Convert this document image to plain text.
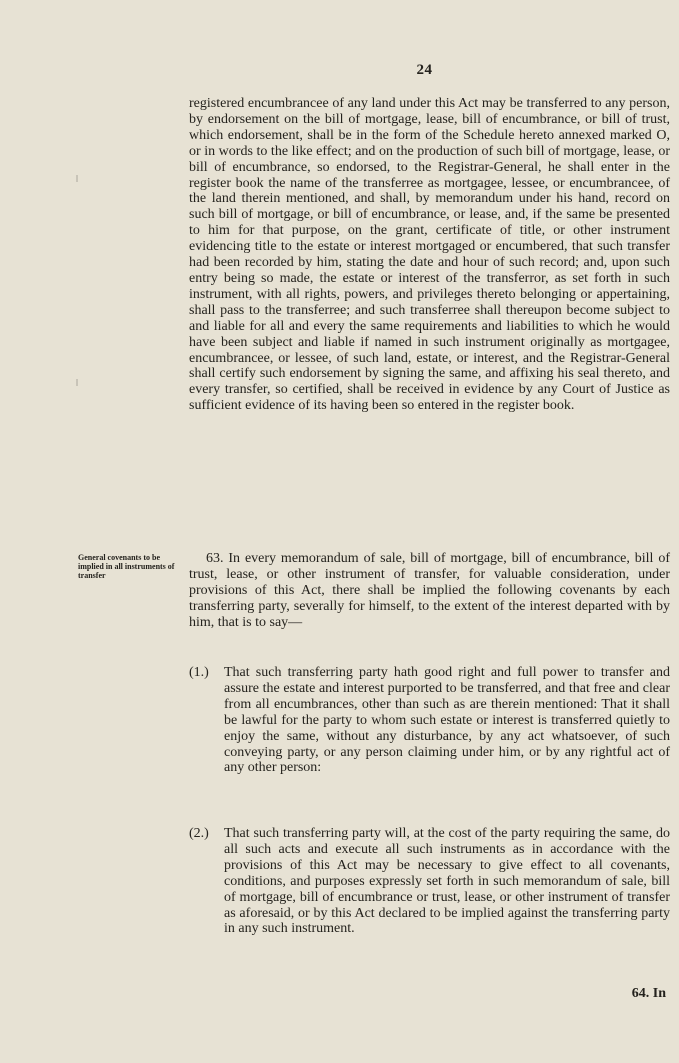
24
ǀ
ǀ

registered encumbrancee of any land under this Act may be transferred to any person, by endorsement on the bill of mortgage, lease, bill of encumbrance, or bill of trust, which endorsement, shall be in the form of the Schedule hereto annexed marked O, or in words to the like effect; and on the production of such bill of mortgage, lease, or bill of encumbrance, so endorsed, to the Registrar-General, he shall enter in the register book the name of the transferree as mortgagee, lessee, or encumbrancee, of the land therein mentioned, and shall, by memorandum under his hand, record on such bill of mortgage, or bill of encumbrance, or lease, and, if the same be presented to him for that purpose, on the grant, certificate of title, or other instrument evidencing title to the estate or interest mortgaged or encumbered, that such transfer had been recorded by him, stating the date and hour of such record; and, upon such entry being so made, the estate or interest of the transferror, as set forth in such instrument, with all rights, powers, and privileges thereto belonging or appertaining, shall pass to the transferree; and such transferree shall thereupon become subject to and liable for all and every the same requirements and liabilities to which he would have been subject and liable if named in such instrument originally as mortgagee, encumbrancee, or lessee, of such land, estate, or interest, and the Registrar-General shall certify such endorsement by signing the same, and affixing his seal thereto, and every transfer, so certified, shall be received in evidence by any Court of Justice as sufficient evidence of its having been so entered in the register book.

General covenants to be implied in all instruments of transfer

63. In every memorandum of sale, bill of mortgage, bill of encumbrance, bill of trust, lease, or other instrument of transfer, for valuable consideration, under provisions of this Act, there shall be implied the following covenants by each transferring party, severally for himself, to the extent of the interest departed with by him, that is to say—

(1.) That such transferring party hath good right and full power to transfer and assure the estate and interest purported to be transferred, and that free and clear from all encumbrances, other than such as are therein mentioned: That it shall be lawful for the party to whom such estate or interest is transferred quietly to enjoy the same, without any disturbance, by any act whatsoever, of such conveying party, or any person claiming under him, or by any rightful act of any other person:
(2.) That such transferring party will, at the cost of the party requiring the same, do all such acts and execute all such instruments as in accordance with the provisions of this Act may be necessary to give effect to all covenants, conditions, and purposes expressly set forth in such memorandum of sale, bill of mortgage, bill of encumbrance or trust, lease, or other instrument of transfer as aforesaid, or by this Act declared to be implied against the transferring party in any such instrument.
64. In
